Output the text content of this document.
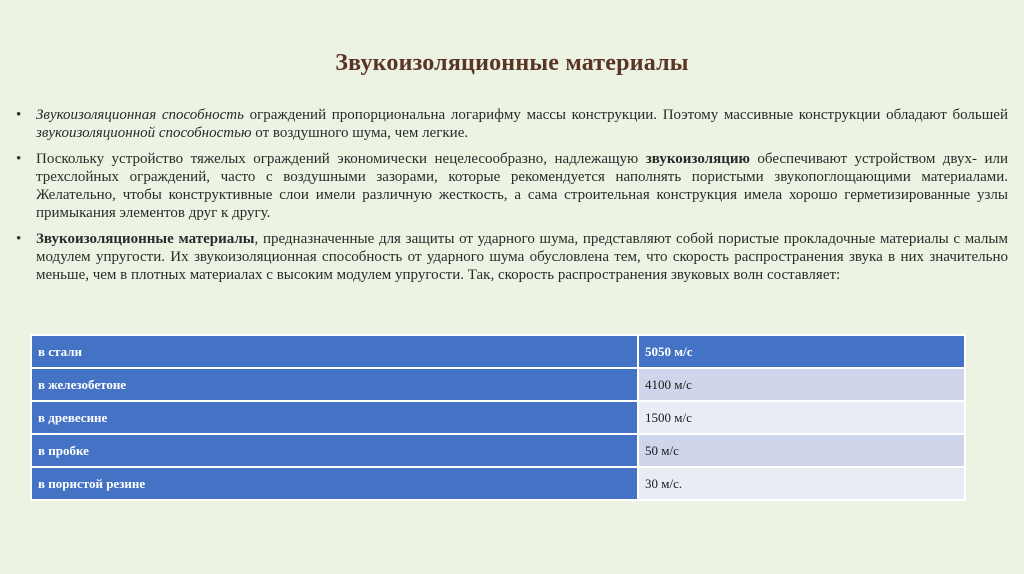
Звукоизоляционные материалы
• Звукоизоляционная способность ограждений пропорциональна логарифму массы конструкции. Поэтому массивные конструкции обладают большей звукоизоляционной способностью от воздушного шума, чем легкие.
• Поскольку устройство тяжелых ограждений экономически нецелесообразно, надлежащую звукоизоляцию обеспечивают устройством двух- или трехслойных ограждений, часто с воздушными зазорами, которые рекомендуется наполнять пористыми звукопоглощающими материалами. Желательно, чтобы конструктивные слои имели различную жесткость, а сама строительная конструкция имела хорошо герметизированные узлы примыкания элементов друг к другу.
• Звукоизоляционные материалы, предназначенные для защиты от ударного шума, представляют собой пористые прокладочные материалы с малым модулем упругости. Их звукоизоляционная способность от ударного шума обусловлена тем, что скорость распространения звука в них значительно меньше, чем в плотных материалах с высоким модулем упругости. Так, скорость распространения звуковых волн составляет:
в стали	5050 м/с
в железобетоне	4100 м/с
в древесине	1500 м/с
в пробке	50 м/с
в пористой резине	30 м/с.
